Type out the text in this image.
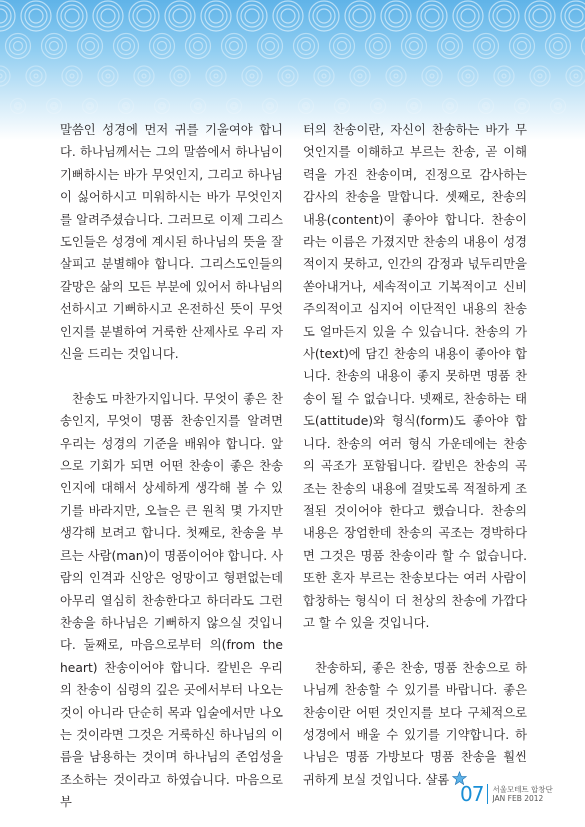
말씀인 성경에 먼저 귀를 기울여야 합니다. 하나님께서는 그의 말씀에서 하나님이 기뻐하시는 바가 무엇인지, 그리고 하나님이 싫어하시고 미워하시는 바가 무엇인지를 알려주셨습니다. 그러므로 이제 그리스도인들은 성경에 계시된 하나님의 뜻을 잘 살피고 분별해야 합니다. 그리스도인들의 갈망은 삶의 모든 부분에 있어서 하나님의 선하시고 기뻐하시고 온전하신 뜻이 무엇인지를 분별하여 거룩한 산제사로 우리 자신을 드리는 것입니다.

찬송도 마찬가지입니다. 무엇이 좋은 찬송인지, 무엇이 명품 찬송인지를 알려면 우리는 성경의 기준을 배워야 합니다. 앞으로 기회가 되면 어떤 찬송이 좋은 찬송인지에 대해서 상세하게 생각해 볼 수 있기를 바라지만, 오늘은 큰 원칙 몇 가지만 생각해 보려고 합니다. 첫째로, 찬송을 부르는 사람(man)이 명품이어야 합니다. 사람의 인격과 신앙은 엉망이고 형편없는데 아무리 열심히 찬송한다고 하더라도 그런 찬송을 하나님은 기뻐하지 않으실 것입니다. 둘째로, 마음으로부터 의(from the heart) 찬송이어야 합니다. 칼빈은 우리의 찬송이 심령의 깊은 곳에서부터 나오는 것이 아니라 단순히 목과 입술에서만 나오는 것이라면 그것은 거룩하신 하나님의 이름을 남용하는 것이며 하나님의 존엄성을 조소하는 것이라고 하였습니다. 마음으로부

터의 찬송이란, 자신이 찬송하는 바가 무엇인지를 이해하고 부르는 찬송, 곧 이해력을 가진 찬송이며, 진정으로 감사하는 감사의 찬송을 말합니다. 셋째로, 찬송의 내용(content)이 좋아야 합니다. 찬송이라는 이름은 가졌지만 찬송의 내용이 성경적이지 못하고, 인간의 감정과 넋두리만을 쏟아내거나, 세속적이고 기복적이고 신비주의적이고 심지어 이단적인 내용의 찬송도 얼마든지 있을 수 있습니다. 찬송의 가사(text)에 담긴 찬송의 내용이 좋아야 합니다. 찬송의 내용이 좋지 못하면 명품 찬송이 될 수 없습니다. 넷째로, 찬송하는 태도(attitude)와 형식(form)도 좋아야 합니다. 찬송의 여러 형식 가운데에는 찬송의 곡조가 포함됩니다. 칼빈은 찬송의 곡조는 찬송의 내용에 걸맞도록 적절하게 조절된 것이어야 한다고 했습니다. 찬송의 내용은 장엄한데 찬송의 곡조는 경박하다면 그것은 명품 찬송이라 할 수 없습니다. 또한 혼자 부르는 찬송보다는 여러 사람이 합창하는 형식이 더 천상의 찬송에 가깝다고 할 수 있을 것입니다.

찬송하되, 좋은 찬송, 명품 찬송으로 하나님께 찬송할 수 있기를 바랍니다. 좋은 찬송이란 어떤 것인지를 보다 구체적으로 성경에서 배울 수 있기를 기약합니다. 하나님은 명품 가방보다 명품 찬송을 훨씬 귀하게 보실 것입니다. 샬롬

07 서울모테트 합창단
JAN FEB 2012
